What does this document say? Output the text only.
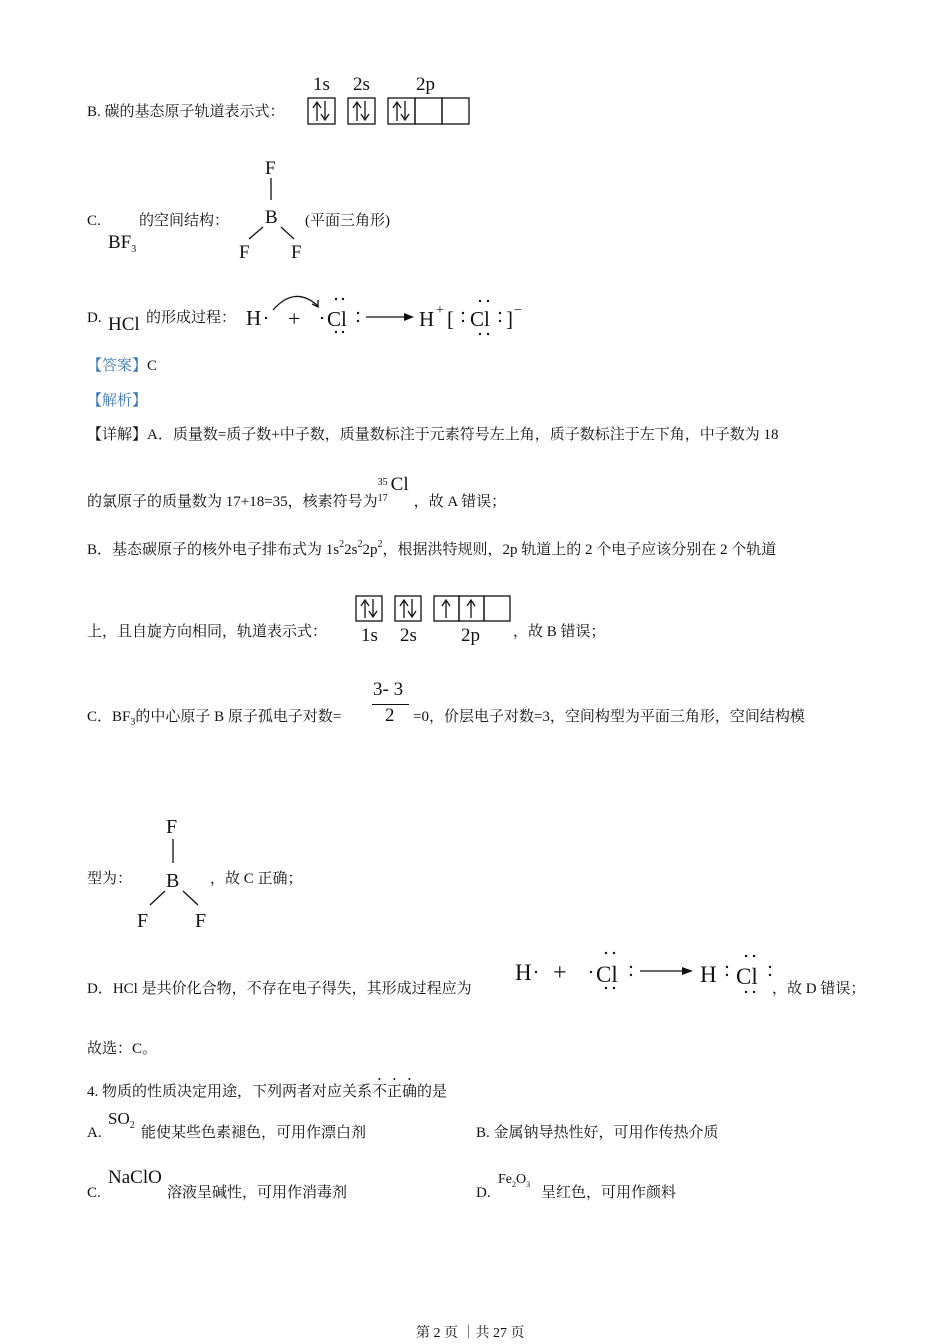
B. 碳的基态原子轨道表示式：
1s 2s 2p
C.
$BF_3$
的空间结构：
F
B
F F
(平面三角形)
D. HCl 的形成过程： H + Cl	H + [ Cl ] −
【答案】C
【解析】
【详解】A．质量数=质子数+中子数，质量数标注于元素符号左上角，质子数标注于左下角，中子数为 18
的氯原子的质量数为 17+18=35，核素符号为
35
17
Cl
，故 A 错误；
B．基态碳原子的核外电子排布式为 $1s^22s^22p^2$，根据洪特规则，2p 轨道上的 2 个电子应该分别在 2 个轨道
上，且自旋方向相同，轨道表示式： 1s 2s 2p ，故 B 错误；
C．$BF_3$的中心原子 B 原子孤电子对数=
3- 3
2 =0，价层电子对数=3，空间构型为平面三角形，空间结构模
型为：
F
B
F F
，故 C 正确；
D．HCl 是共价化合物，不存在电子得失，其形成过程应为
H + Cl	H Cl ，故 D 错误；
故选：C。
4. 物质的性质决定用途，下列两者对应关系不正确的是
A.
$SO_2$ 能使某些色素褪色，可用作漂白剂	B. 金属钠导热性好，可用作传热介质
C.
NaClO
溶液呈碱性，可用作消毒剂	D.
$Fe_2O_3$
呈红色，可用作颜料
第 2 页 ｜共 27 页
